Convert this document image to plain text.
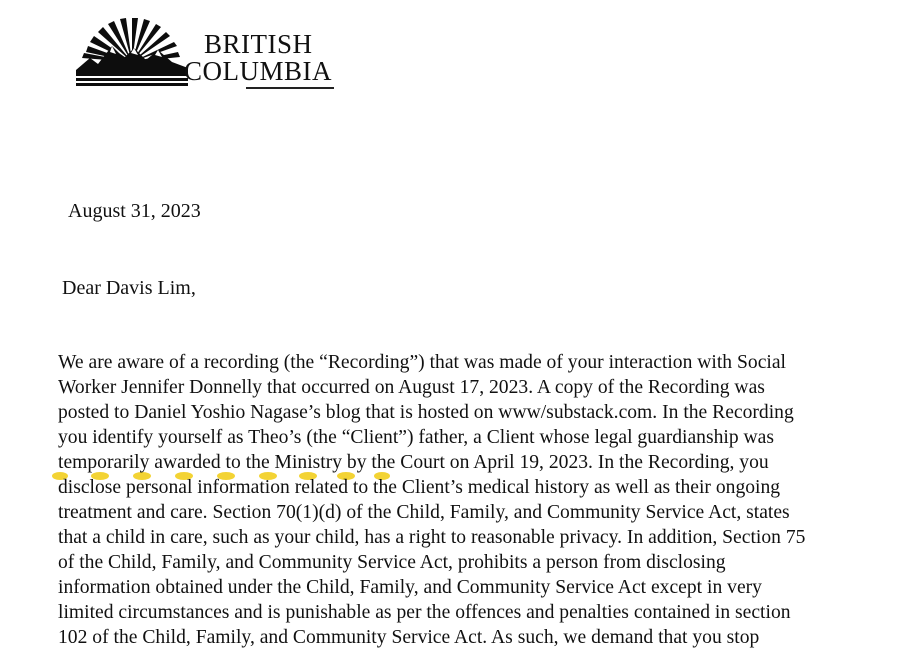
BRITISH
COLUMBIA

August 31, 2023

Dear Davis Lim,

We are aware of a recording (the “Recording”) that was made of your interaction with Social
Worker Jennifer Donnelly that occurred on August 17, 2023. A copy of the Recording was
posted to Daniel Yoshio Nagase’s blog that is hosted on www/substack.com. In the Recording
you identify yourself as Theo’s (the “Client”) father, a Client whose legal guardianship was
temporarily awarded to the Ministry by the Court on April 19, 2023. In the Recording, you
disclose personal information related to the Client’s medical history as well as their ongoing
treatment and care. Section 70(1)(d) of the Child, Family, and Community Service Act, states
that a child in care, such as your child, has a right to reasonable privacy. In addition, Section 75
of the Child, Family, and Community Service Act, prohibits a person from disclosing
information obtained under the Child, Family, and Community Service Act except in very
limited circumstances and is punishable as per the offences and penalties contained in section
102 of the Child, Family, and Community Service Act. As such, we demand that you stop
